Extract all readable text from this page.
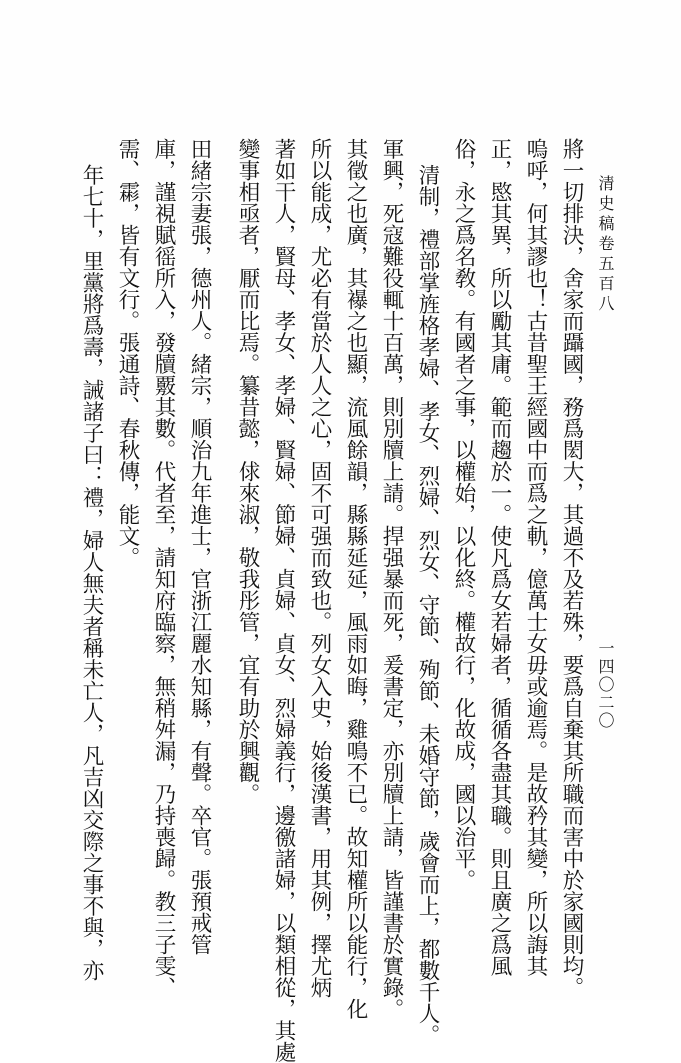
清史稿卷五百八
一四〇二〇
將一切排決，舍家而躡國，務爲閎大，其過不及若殊，要爲自棄其所職而害中於家國則均。
嗚呼，何其謬也！古昔聖王經國中而爲之軌，億萬士女毋或逾焉。是故矜其變，所以誨其
正，愍其異，所以勵其庸。範而趨於一。使凡爲女若婦者，循循各盡其職。則且廣之爲風
俗，永之爲名敎。有國者之事，以權始，以化終。權故行，化故成，國以治平。
清制，禮部掌旌格孝婦、孝女、烈婦、烈女、守節、殉節、未婚守節，歲會而上，都數千人。
軍興，死寇難役輒十百萬，則別牘上請。捍强暴而死，爰書定，亦別牘上請，皆謹書於實錄。
其徵之也廣，其襮之也顯，流風餘韻，縣縣延延，風雨如晦，雞鳴不已。故知權所以能行，化
所以能成，尤必有當於人人之心，固不可强而致也。列女入史，始後漢書，用其例，擇尤炳
著如干人，賢母、孝女、孝婦、賢婦、節婦、貞婦、貞女、烈婦義行，邊徼諸婦，以類相從，其處
變事相亟者，厭而比焉。纂昔懿，俅來淑，敬我彤管，宜有助於興觀。
田緒宗妻張，德州人。緒宗，順治九年進士，官浙江麗水知縣，有聲。卒官。張預戒管
庫，謹視賦徭所入，發牘覈其數。代者至，請知府臨察，無稍舛漏，乃持喪歸。教三子雯、
需、霦，皆有文行。張通詩、春秋傳，能文。
年七十，里黨將爲壽，誡諸子曰：禮，婦人無夫者稱未亡人，凡吉凶交際之事不與，亦
